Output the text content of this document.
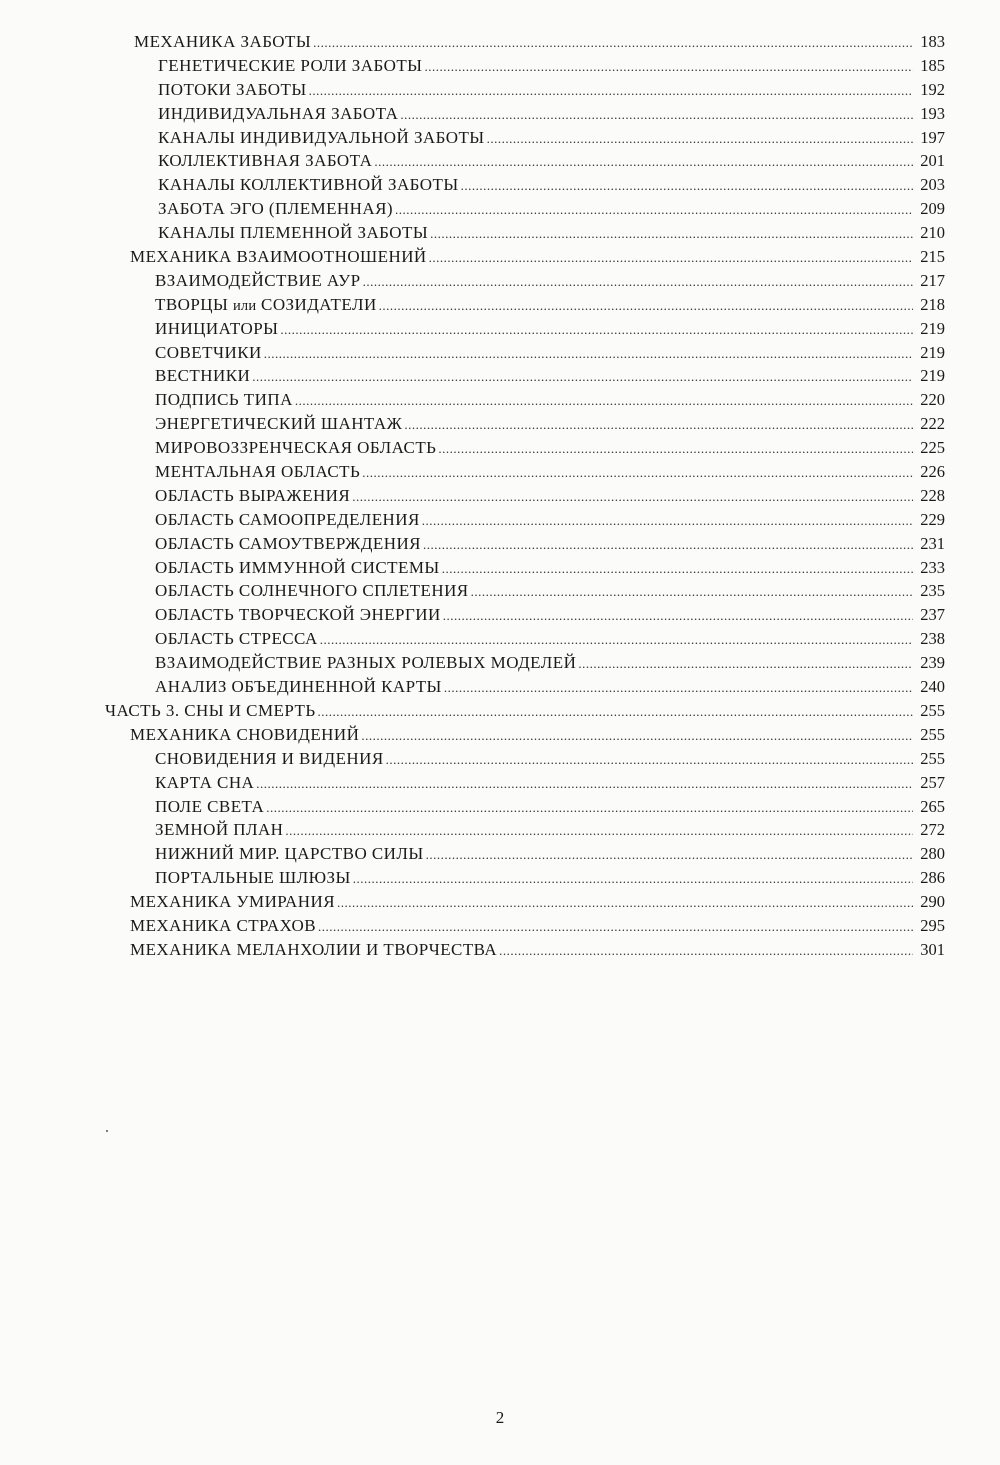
МЕХАНИКА ЗАБОТЫ .....	183
ГЕНЕТИЧЕСКИЕ РОЛИ ЗАБОТЫ .....	185
ПОТОКИ ЗАБОТЫ .....	192
ИНДИВИДУАЛЬНАЯ ЗАБОТА .....	193
КАНАЛЫ ИНДИВИДУАЛЬНОЙ ЗАБОТЫ .....	197
КОЛЛЕКТИВНАЯ ЗАБОТА .....	201
КАНАЛЫ КОЛЛЕКТИВНОЙ ЗАБОТЫ .....	203
ЗАБОТА ЭГО (ПЛЕМЕННАЯ) .....	209
КАНАЛЫ ПЛЕМЕННОЙ ЗАБОТЫ .....	210
МЕХАНИКА ВЗАИМООТНОШЕНИЙ .....	215
ВЗАИМОДЕЙСТВИЕ АУР .....	217
ТВОРЦЫ или СОЗИДАТЕЛИ .....	218
ИНИЦИАТОРЫ .....	219
СОВЕТЧИКИ .....	219
ВЕСТНИКИ .....	219
ПОДПИСЬ ТИПА .....	220
ЭНЕРГЕТИЧЕСКИЙ ШАНТАЖ .....	222
МИРОВОЗЗРЕНЧЕСКАЯ ОБЛАСТЬ .....	225
МЕНТАЛЬНАЯ ОБЛАСТЬ .....	226
ОБЛАСТЬ ВЫРАЖЕНИЯ .....	228
ОБЛАСТЬ САМООПРЕДЕЛЕНИЯ .....	229
ОБЛАСТЬ САМОУТВЕРЖДЕНИЯ .....	231
ОБЛАСТЬ ИММУННОЙ СИСТЕМЫ .....	233
ОБЛАСТЬ СОЛНЕЧНОГО СПЛЕТЕНИЯ .....	235
ОБЛАСТЬ ТВОРЧЕСКОЙ ЭНЕРГИИ .....	237
ОБЛАСТЬ СТРЕССА .....	238
ВЗАИМОДЕЙСТВИЕ РАЗНЫХ РОЛЕВЫХ МОДЕЛЕЙ .....	239
АНАЛИЗ ОБЪЕДИНЕННОЙ КАРТЫ .....	240
ЧАСТЬ 3. СНЫ И СМЕРТЬ .....	255
МЕХАНИКА СНОВИДЕНИЙ .....	255
СНОВИДЕНИЯ И ВИДЕНИЯ .....	255
КАРТА СНА .....	257
ПОЛЕ СВЕТА .....	265
ЗЕМНОЙ ПЛАН .....	272
НИЖНИЙ МИР. ЦАРСТВО СИЛЫ .....	280
ПОРТАЛЬНЫЕ ШЛЮЗЫ .....	286
МЕХАНИКА УМИРАНИЯ .....	290
МЕХАНИКА СТРАХОВ .....	295
МЕХАНИКА МЕЛАНХОЛИИ И ТВОРЧЕСТВА .....	301
2
